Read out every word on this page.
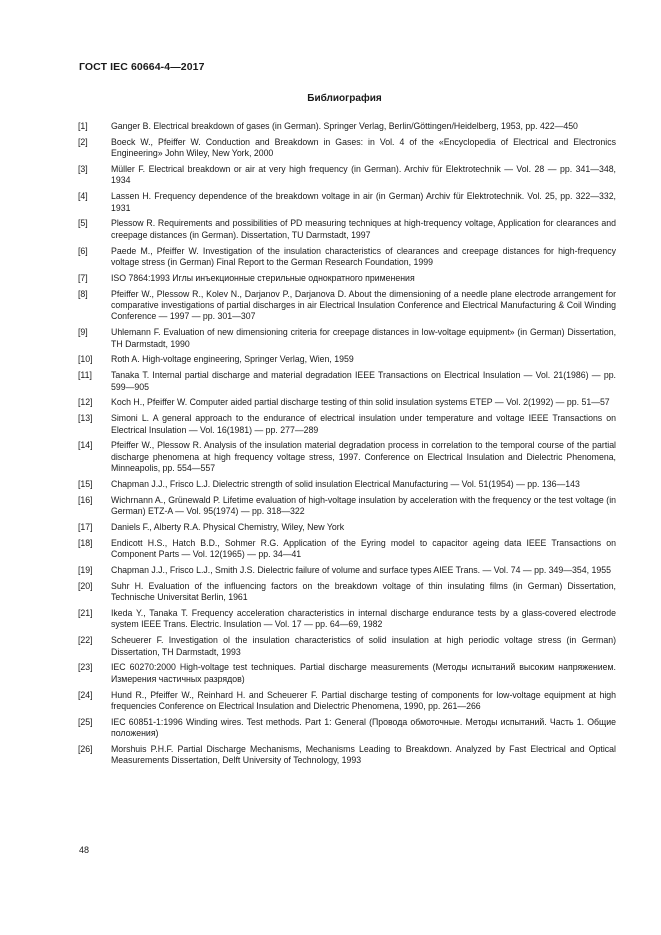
ГОСТ IEC 60664-4—2017
Библиография
[1]	Ganger B. Electrical breakdown of gases (in German). Springer Verlag, Berlin/Göttingen/Heidelberg, 1953, pp. 422—450
[2]	Boeck W., Pfeiffer W. Conduction and Breakdown in Gases: in Vol. 4 of the «Encyclopedia of Electrical and Electronics Engineering» John Wiley, New York, 2000
[3]	Müller F. Electrical breakdown or air at very high frequency (in German). Archiv für Elektrotechnik — Vol. 28 — pp. 341—348, 1934
[4]	Lassen H. Frequency dependence of the breakdown voltage in air (in German) Archiv für Elektrotechnik. Vol. 25, pp. 322—332, 1931
[5]	Plessow R. Requirements and possibilities of PD measuring techniques at high-trequency voltage, Application for clearances and creepage distances (in German). Dissertation, TU Darmstadt, 1997
[6]	Paede M., Pfeiffer W. Investigation of the insulation characteristics of clearances and creepage distances for high-frequency voltage stress (in German) Final Report to the German Research Foundation, 1999
[7]	ISO 7864:1993 Иглы инъекционные стерильные однократного применения
[8]	Pfeiffer W., Plessow R., Kolev N., Darjanov P., Darjanova D. About the dimensioning of a needle plane electrode arrangement for comparative investigations of partial discharges in air Electrical Insulation Conference and Electrical Manufacturing & Coil Winding Conference — 1997 — pp. 301—307
[9]	Uhlemann F. Evaluation of new dimensioning criteria for creepage distances in low-voltage equipment» (in German) Dissertation, TH Darmstadt, 1990
[10]	Roth A. High-voltage engineering, Springer Verlag, Wien, 1959
[11]	Tanaka T. Internal partial discharge and material degradation IEEE Transactions on Electrical Insulation — Vol. 21(1986) — pp. 599—905
[12]	Koch H., Pfeiffer W. Computer aided partial discharge testing of thin solid insulation systems ETEP — Vol. 2(1992) — pp. 51—57
[13]	Simoni L. A general approach to the endurance of electrical insulation under temperature and voltage IEEE Transactions on Electrical Insulation — Vol. 16(1981) — pp. 277—289
[14]	Pfeiffer W., Plessow R. Analysis of the insulation material degradation process in correlation to the temporal course of the partial discharge phenomena at high frequency voltage stress, 1997. Conference on Electrical Insulation and Dielectric Phenomena, Minneapolis, pp. 554—557
[15]	Chapman J.J., Frisco L.J. Dielectric strength of solid insulation Electrical Manufacturing — Vol. 51(1954) — pp. 136—143
[16]	Wichrnann A., Grünewald P. Lifetime evaluation of high-voltage insulation by acceleration with the frequency or the test voltage (in German) ETZ-A — Vol. 95(1974) — pp. 318—322
[17]	Daniels F., Alberty R.A. Physical Chemistry, Wiley, New York
[18]	Endicott H.S., Hatch B.D., Sohmer R.G. Application of the Eyring model to capacitor ageing data IEEE Transactions on Component Parts — Vol. 12(1965) — pp. 34—41
[19]	Chapman J.J., Frisco L.J., Smith J.S. Dielectric failure of volume and surface types AIEE Trans. — Vol. 74 — pp. 349—354, 1955
[20]	Suhr H. Evaluation of the influencing factors on the breakdown voltage of thin insulating films (in German) Dissertation, Technische Universitat Berlin, 1961
[21]	Ikeda Y., Tanaka T. Frequency acceleration characteristics in internal discharge endurance tests by a glass-covered electrode system IEEE Trans. Electric. Insulation — Vol. 17 — pp. 64—69, 1982
[22]	Scheuerer F. Investigation ol the insulation characteristics of solid insulation at high periodic voltage stress (in German) Dissertation, TH Darmstadt, 1993
[23]	IEC 60270:2000 High-voltage test techniques. Partial discharge measurements (Методы испытаний высоким напряжением. Измерения частичных разрядов)
[24]	Hund R., Pfeiffer W., Reinhard H. and Scheuerer F. Partial discharge testing of components for low-voltage equipment at high frequencies Conference on Electrical Insulation and Dielectric Phenomena, 1990, pp. 261—266
[25]	IEC 60851-1:1996 Winding wires. Test methods. Part 1: General (Провода обмоточные. Методы испытаний. Часть 1. Общие положения)
[26]	Morshuis P.H.F. Partial Discharge Mechanisms, Mechanisms Leading to Breakdown. Analyzed by Fast Electrical and Optical Measurements Dissertation, Delft University of Technology, 1993
48
